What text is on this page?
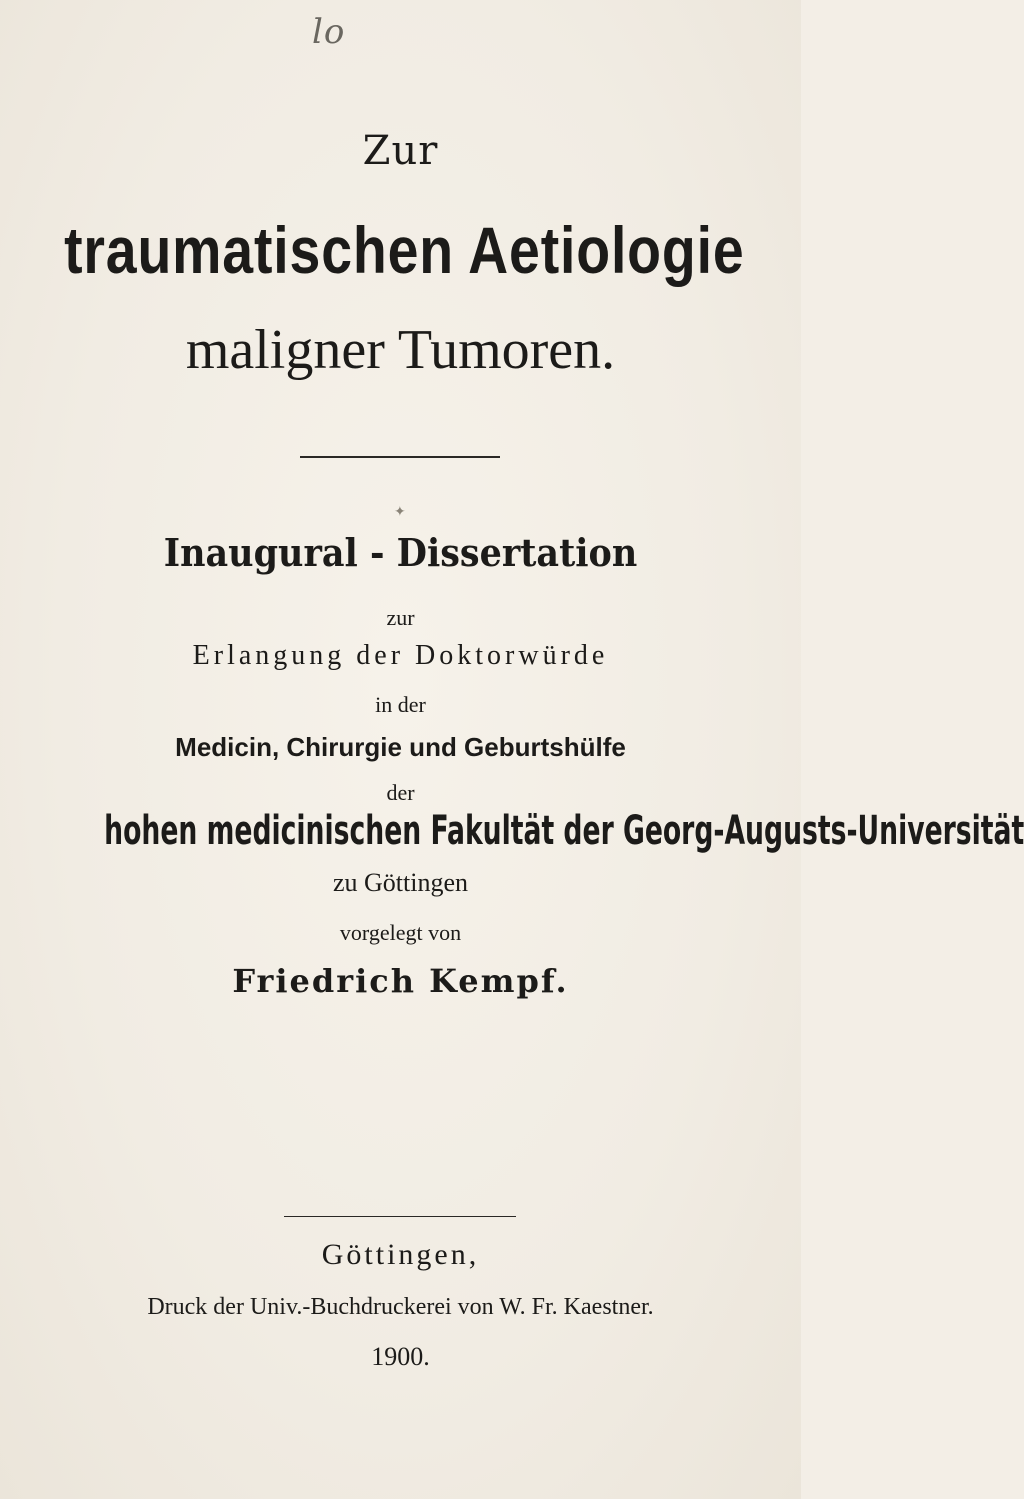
lo
Zur
traumatischen Aetiologie
maligner Tumoren.
✦
Inaugural - Dissertation
zur
Erlangung der Doktorwürde
in der
Medicin, Chirurgie und Geburtshülfe
der
hohen medicinischen Fakultät der Georg-Augusts-Universität
zu Göttingen
vorgelegt von
Friedrich Kempf.
Göttingen,
Druck der Univ.-Buchdruckerei von W. Fr. Kaestner.
1900.
